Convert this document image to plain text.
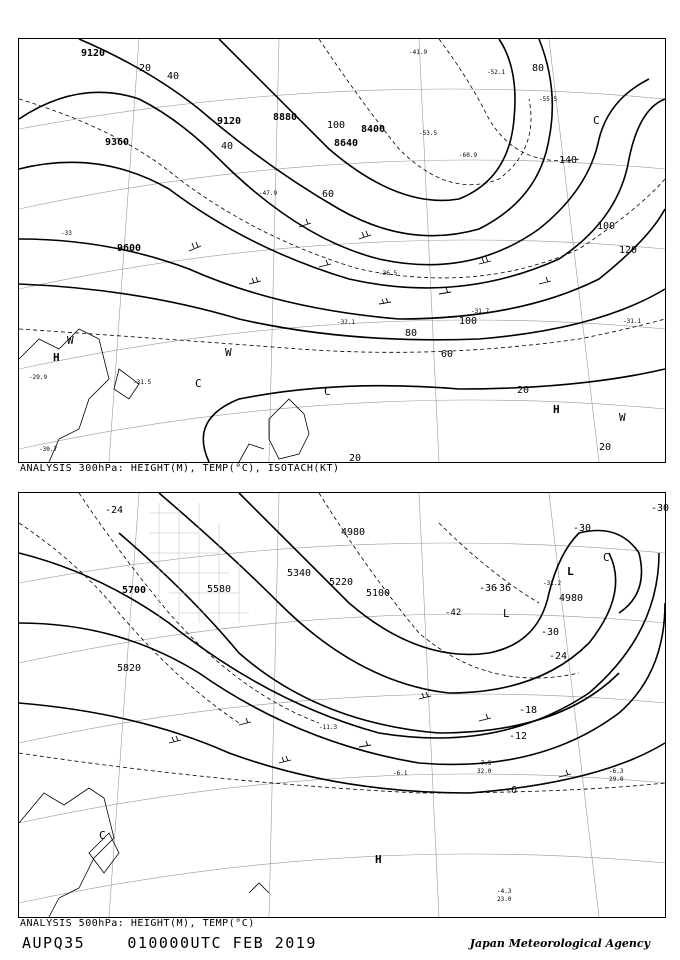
9120
9360
9600
9120	8880
8640
8400
20
40
60
80
100
120
140
80
60
20
20
20
40
100
100
H
H
C
C
W
W
W
C
-41.9
-33
-32.1	-31.1
-31.5
-31.7
-29.9
-30.7
-52.1
-55.5
-60.9
-47.9
-53.5
-36.5
ANALYSIS 300hPa: HEIGHT(M), TEMP(°C), ISOTACH(KT)
5700
5820
5580
5340
5220
5100
4980
4980
-24
-30
-36
-30
-24
-18
-12
-6
-30
-36
-42
H
L
L
C
C
-4.3
23.0
-6.3
29.0
-7.5
32.0
-6.1
-11.3
-31.2
ANALYSIS 500hPa: HEIGHT(M), TEMP(°C)
AUPQ35	010000UTC FEB 2019	Japan Meteorological Agency
